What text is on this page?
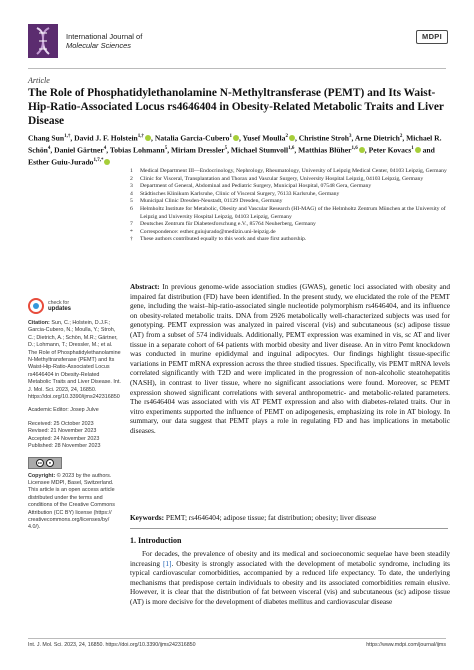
International Journal of
Molecular Sciences
MDPI
Article
The Role of Phosphatidylethanolamine N-Methyltransferase (PEMT) and Its Waist-Hip-Ratio-Associated Locus rs4646404 in Obesity-Related Metabolic Traits and Liver Disease
Chang Sun$^{1,\dagger}$, David J. F. Holstein$^{1,\dagger}$ , Natalia Garcia-Cubero$^1$ , Yusef Moulla$^2$ , Christine Stroh$^3$, Arne Dietrich$^2$, Michael R. Schön$^4$, Daniel Gärtner$^4$, Tobias Lohmann$^5$, Miriam Dressler$^5$, Michael Stumvoll$^{1,6}$, Matthias Blüher$^{1,6}$ , Peter Kovacs$^1$ and Esther Guiu-Jurado$^{1,7,*}$
1	Medical Department III—Endocrinology, Nephrology, Rheumatology, University of Leipzig Medical Center, 04103 Leipzig, Germany
2	Clinic for Visceral, Transplantation and Thorax and Vascular Surgery, University Hospital Leipzig, 04103 Leipzig, Germany
3	Department of General, Abdominal and Pediatric Surgery, Municipal Hospital, 07548 Gera, Germany
4	Städtisches Klinikum Karlsruhe, Clinic of Visceral Surgery, 76133 Karlsruhe, Germany
5	Municipal Clinic Dresden-Neustadt, 01129 Dresden, Germany
6	Helmholtz Institute for Metabolic, Obesity and Vascular Research (HI-MAG) of the Helmholtz Zentrum München at the University of Leipzig and University Hospital Leipzig, 04103 Leipzig, Germany
7	Deutsches Zentrum für Diabetesforschung e.V., 85764 Neuherberg, Germany
*	Correspondence: esther.guiujurado@medizin.uni-leipzig.de
†	These authors contributed equally to this work and share first authorship.
check for
updates
Citation: Sun, C.; Holstein, D.J.F.; Garcia-Cubero, N.; Moulla, Y.; Stroh, C.; Dietrich, A.; Schön, M.R.; Gärtner, D.; Lohmann, T.; Dressler, M.; et al. The Role of Phosphatidylethanolamine N-Methyltransferase (PEMT) and Its Waist-Hip-Ratio-Associated Locus rs4646404 in Obesity-Related Metabolic Traits and Liver Disease. Int. J. Mol. Sci. 2023, 24, 16850. https://doi.org/10.3390/ijms242316850
Academic Editor: Josep Julve
Received: 25 October 2023
Revised: 21 November 2023
Accepted: 24 November 2023
Published: 28 November 2023
cc	●
Copyright: © 2023 by the authors. Licensee MDPI, Basel, Switzerland. This article is an open access article distributed under the terms and conditions of the Creative Commons Attribution (CC BY) license (https:// creativecommons.org/licenses/by/ 4.0/).
Abstract: In previous genome-wide association studies (GWAS), genetic loci associated with obesity and impaired fat distribution (FD) have been identified. In the present study, we elucidated the role of the PEMT gene, including the waist–hip-ratio-associated single nucleotide polymorphism rs4646404, and its influence on obesity-related metabolic traits. DNA from 2926 metabolically well-characterized subjects was used for genotyping. PEMT expression was analyzed in paired visceral (vis) and subcutaneous (sc) adipose tissue (AT) from a subset of 574 individuals. Additionally, PEMT expression was examined in vis, sc AT and liver tissue in a separate cohort of 64 patients with morbid obesity and liver disease. An in vitro Pemt knockdown was conducted in murine epididymal and inguinal adipocytes. Our findings highlight tissue-specific variations in PEMT mRNA expression across the three studied tissues. Specifically, vis PEMT mRNA levels correlated significantly with T2D and were implicated in the progression of non-alcoholic steatohepatitis (NASH), in contrast to liver tissue, where no significant associations were found. Moreover, sc PEMT expression showed significant correlations with several anthropometric- and metabolic-related parameters. The rs4646404 was associated with vis AT PEMT expression and also with diabetes-related traits. Our in vitro experiments supported the influence of PEMT on adipogenesis, emphasizing its role in AT biology. In summary, our data suggest that PEMT plays a role in regulating FD and has implications in metabolic diseases.
Keywords: PEMT; rs4646404; adipose tissue; fat distribution; obesity; liver disease
1. Introduction
For decades, the prevalence of obesity and its medical and socioeconomic sequelae have been steadily increasing [1]. Obesity is strongly associated with the development of metabolic syndrome, including its typical cardiovascular comorbidities, accompanied by a reduced life expectancy. To date, the underlying mechanisms that predispose certain individuals to obesity and its associated comorbidities remain elusive. However, it is clear that the distribution of fat between visceral (vis) and subcutaneous (sc) adipose tissue (AT) is more decisive for the development of diabetes mellitus and cardiovascular disease
Int. J. Mol. Sci. 2023, 24, 16850. https://doi.org/10.3390/ijms242316850	https://www.mdpi.com/journal/ijms
